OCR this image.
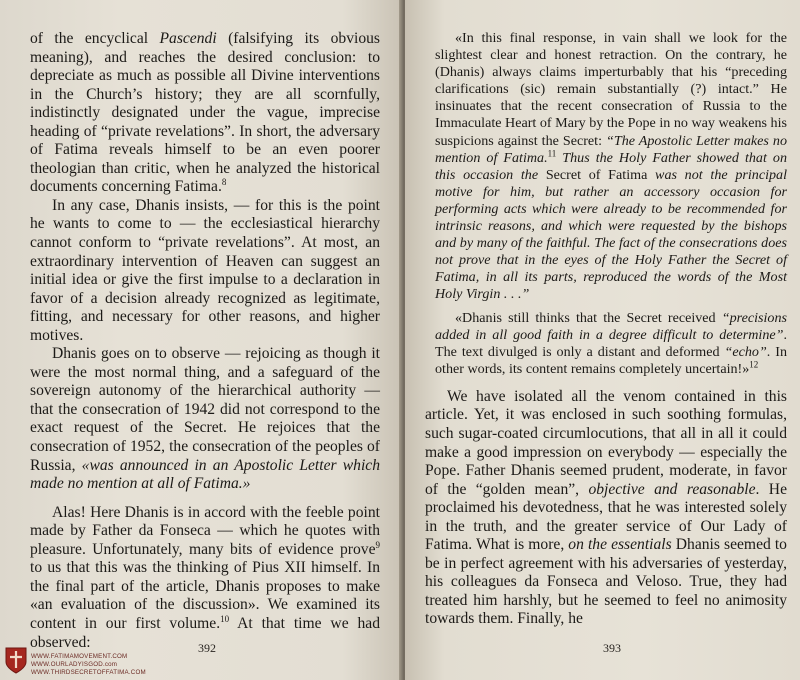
of the encyclical Pascendi (falsifying its obvious meaning), and reaches the desired conclusion: to depreciate as much as possible all Divine interventions in the Church’s history; they are all scornfully, indistinctly designated under the vague, imprecise heading of “private revelations”. In short, the adversary of Fatima reveals himself to be an even poorer theologian than critic, when he analyzed the historical documents concerning Fatima.$^8$

In any case, Dhanis insists, — for this is the point he wants to come to — the ecclesiastical hierarchy cannot conform to “private revelations”. At most, an extraordinary intervention of Heaven can suggest an initial idea or give the first impulse to a declaration in favor of a decision already recognized as legitimate, fitting, and necessary for other reasons, and higher motives.

Dhanis goes on to observe — rejoicing as though it were the most normal thing, and a safeguard of the sovereign autonomy of the hierarchical authority — that the consecration of 1942 did not correspond to the exact request of the Secret. He rejoices that the consecration of 1952, the consecration of the peoples of Russia, «was announced in an Apostolic Letter which made no mention at all of Fatima.»

Alas! Here Dhanis is in accord with the feeble point made by Father da Fonseca — which he quotes with pleasure. Unfortunately, many bits of evidence prove$^9$ to us that this was the thinking of Pius XII himself. In the final part of the article, Dhanis proposes to make «an evaluation of the discussion». We examined its content in our first volume.$^{10}$ At that time we had observed:	392
WWW.FATIMAMOVEMENT.COM
WWW.OURLADYISGOD.com
WWW.THIRDSECRETOFFATIMA.COM

«In this final response, in vain shall we look for the slightest clear and honest retraction. On the contrary, he (Dhanis) always claims imperturbably that his “preceding clarifications (sic) remain substantially (?) intact.” He insinuates that the recent consecration of Russia to the Immaculate Heart of Mary by the Pope in no way weakens his suspicions against the Secret: “The Apostolic Letter makes no mention of Fatima.$^{11}$ Thus the Holy Father showed that on this occasion the Secret of Fatima was not the principal motive for him, but rather an accessory occasion for performing acts which were already to be recommended for intrinsic reasons, and which were requested by the bishops and by many of the faithful. The fact of the consecrations does not prove that in the eyes of the Holy Father the Secret of Fatima, in all its parts, reproduced the words of the Most Holy Virgin . . .”

«Dhanis still thinks that the Secret received “precisions added in all good faith in a degree difficult to determine”. The text divulged is only a distant and deformed “echo”. In other words, its content remains completely uncertain!»$^{12}$

We have isolated all the venom contained in this article. Yet, it was enclosed in such soothing formulas, such sugar-coated circumlocutions, that all in all it could make a good impression on everybody — especially the Pope. Father Dhanis seemed prudent, moderate, in favor of the “golden mean”, objective and reasonable. He proclaimed his devotedness, that he was interested solely in the truth, and the greater service of Our Lady of Fatima. What is more, on the essentials Dhanis seemed to be in perfect agreement with his adversaries of yesterday, his colleagues da Fonseca and Veloso. True, they had treated him harshly, but he seemed to feel no animosity towards them. Finally, he

393
